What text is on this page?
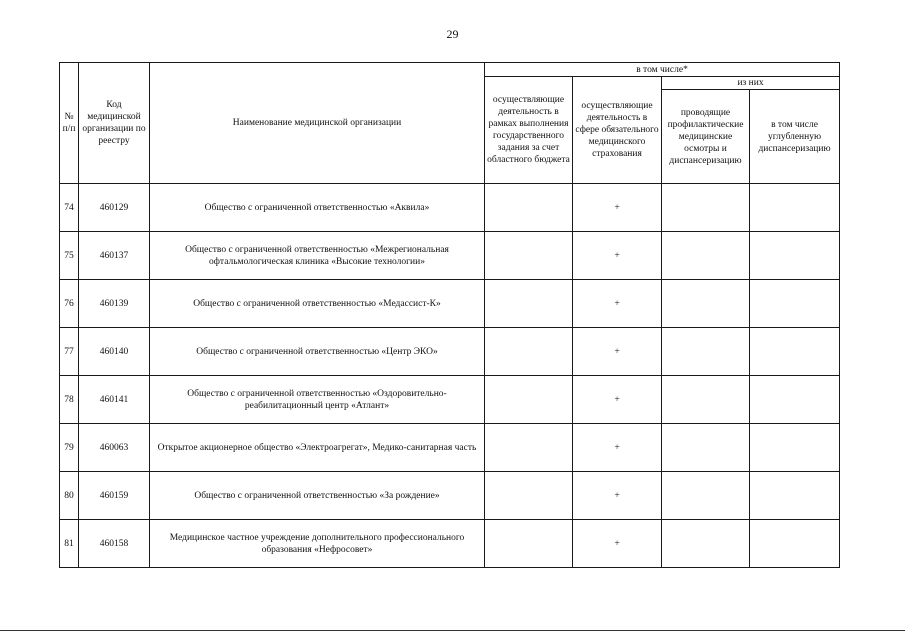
29
№ п/п	Код медицинской организации по реестру	Наименование медицинской организации	в том числе*			
			осуществляющие деятельность в рамках выполнения государственного задания за счет областного бюджета	осуществляющие деятельность в сфере обязательного медицинского страхования	из них	
					проводящие профилактические медицинские осмотры и диспансеризацию	в том числе углубленную диспансеризацию
74	460129	Общество с ограниченной ответственностью «Аквила»		+		
75	460137	Общество с ограниченной ответственностью «Межрегиональная офтальмологическая клиника «Высокие технологии»		+		
76	460139	Общество с ограниченной ответственностью «Медассист-К»		+		
77	460140	Общество с ограниченной ответственностью «Центр ЭКО»		+		
78	460141	Общество с ограниченной ответственностью «Оздоровительно-реабилитационный центр «Атлант»		+		
79	460063	Открытое акционерное общество «Электроагрегат», Медико-санитарная часть		+		
80	460159	Общество с ограниченной ответственностью «За рождение»		+		
81	460158	Медицинское частное учреждение дополнительного профессионального образования «Нефросовет»		+		
